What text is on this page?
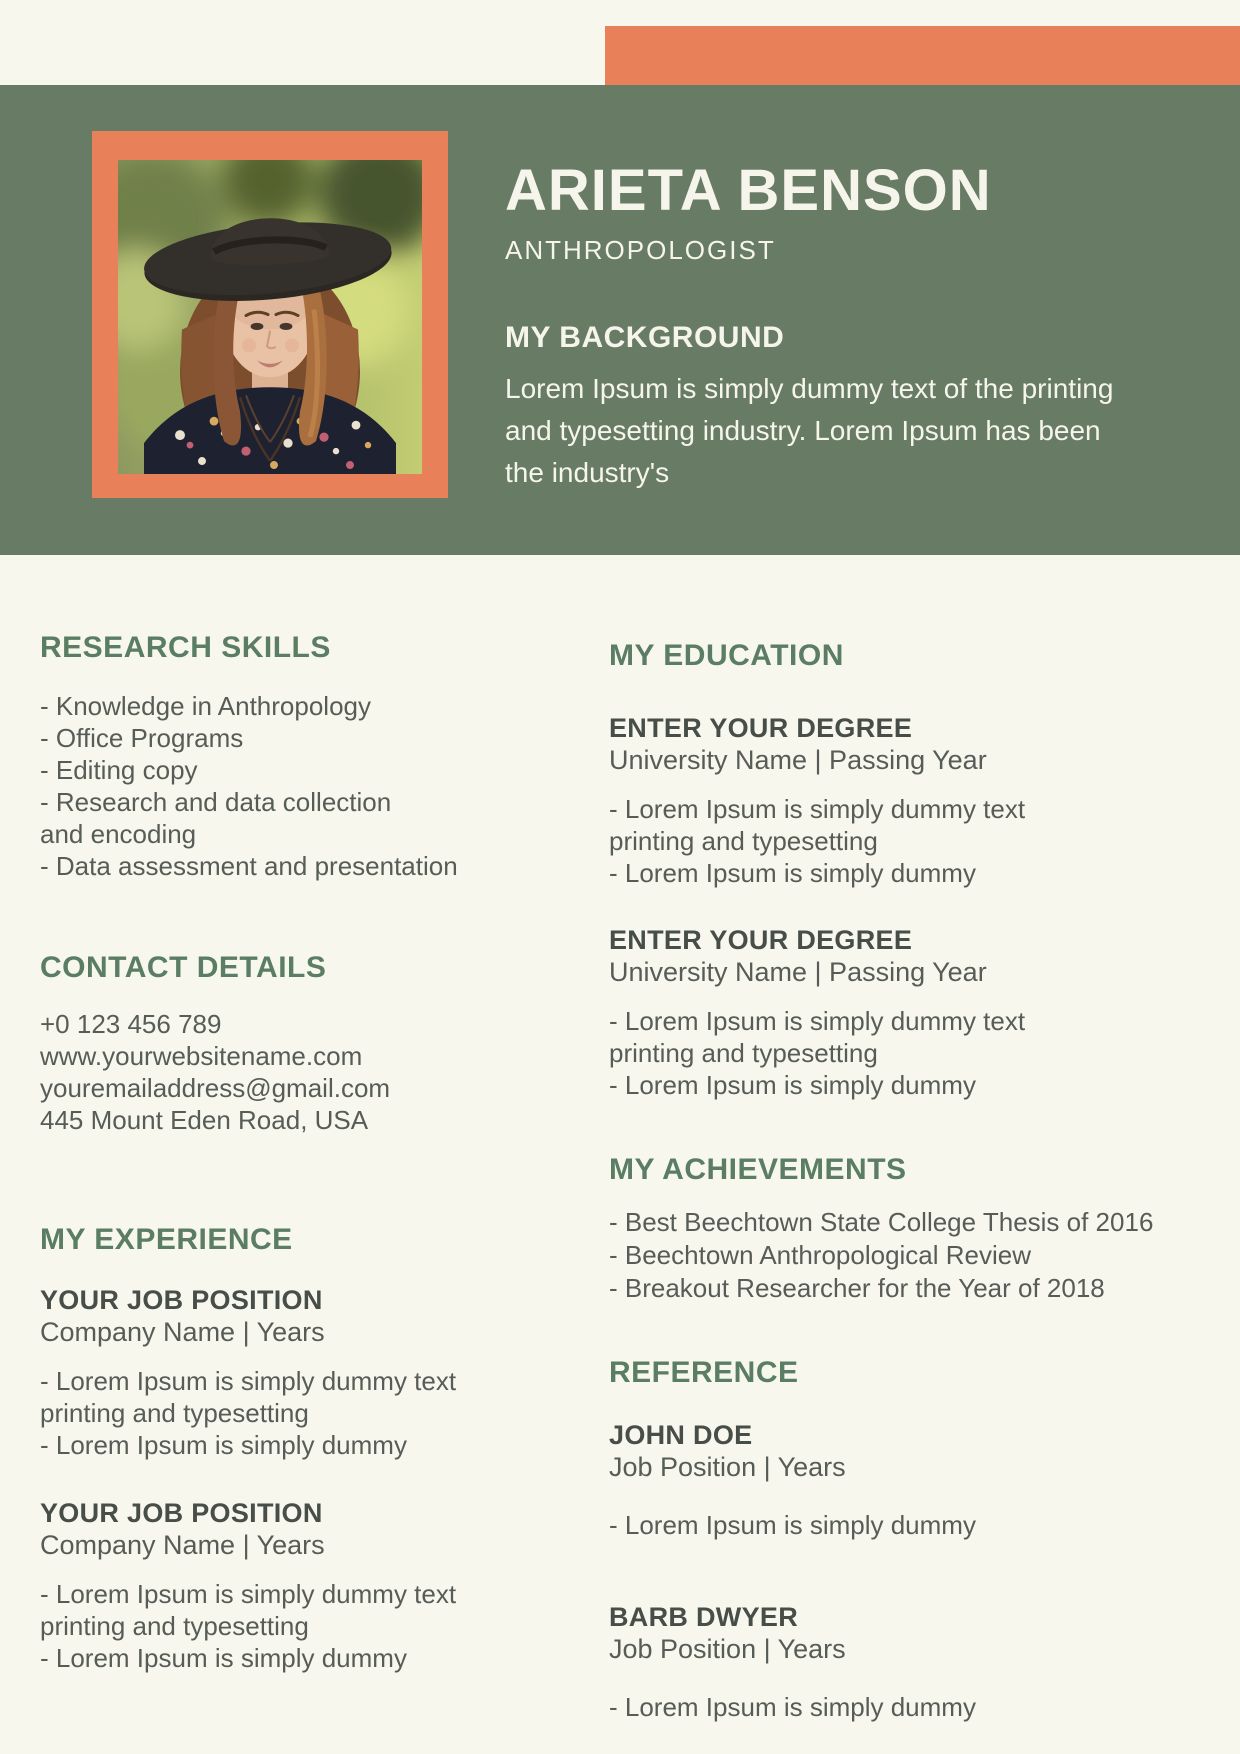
ARIETA BENSON
ANTHROPOLOGIST
MY BACKGROUND

Lorem Ipsum is simply dummy text of the printing and typesetting industry. Lorem Ipsum has been the industry's

RESEARCH SKILLS
- Knowledge in Anthropology
- Office Programs
- Editing copy
- Research and data collection
and encoding
- Data assessment and presentation
CONTACT DETAILS
+0 123 456 789
www.yourwebsitename.com
youremailaddress@gmail.com
445 Mount Eden Road, USA
MY EXPERIENCE
YOUR JOB POSITION
Company Name | Years
- Lorem Ipsum is simply dummy text
printing and typesetting
- Lorem Ipsum is simply dummy
YOUR JOB POSITION
Company Name | Years
- Lorem Ipsum is simply dummy text
printing and typesetting
- Lorem Ipsum is simply dummy
MY EDUCATION
ENTER YOUR DEGREE
University Name | Passing Year
- Lorem Ipsum is simply dummy text
printing and typesetting
- Lorem Ipsum is simply dummy
ENTER YOUR DEGREE
University Name | Passing Year
- Lorem Ipsum is simply dummy text
printing and typesetting
- Lorem Ipsum is simply dummy
MY ACHIEVEMENTS
- Best Beechtown State College Thesis of 2016
- Beechtown Anthropological Review
- Breakout Researcher for the Year of 2018
REFERENCE
JOHN DOE
Job Position | Years
- Lorem Ipsum is simply dummy
BARB DWYER
Job Position | Years
- Lorem Ipsum is simply dummy
